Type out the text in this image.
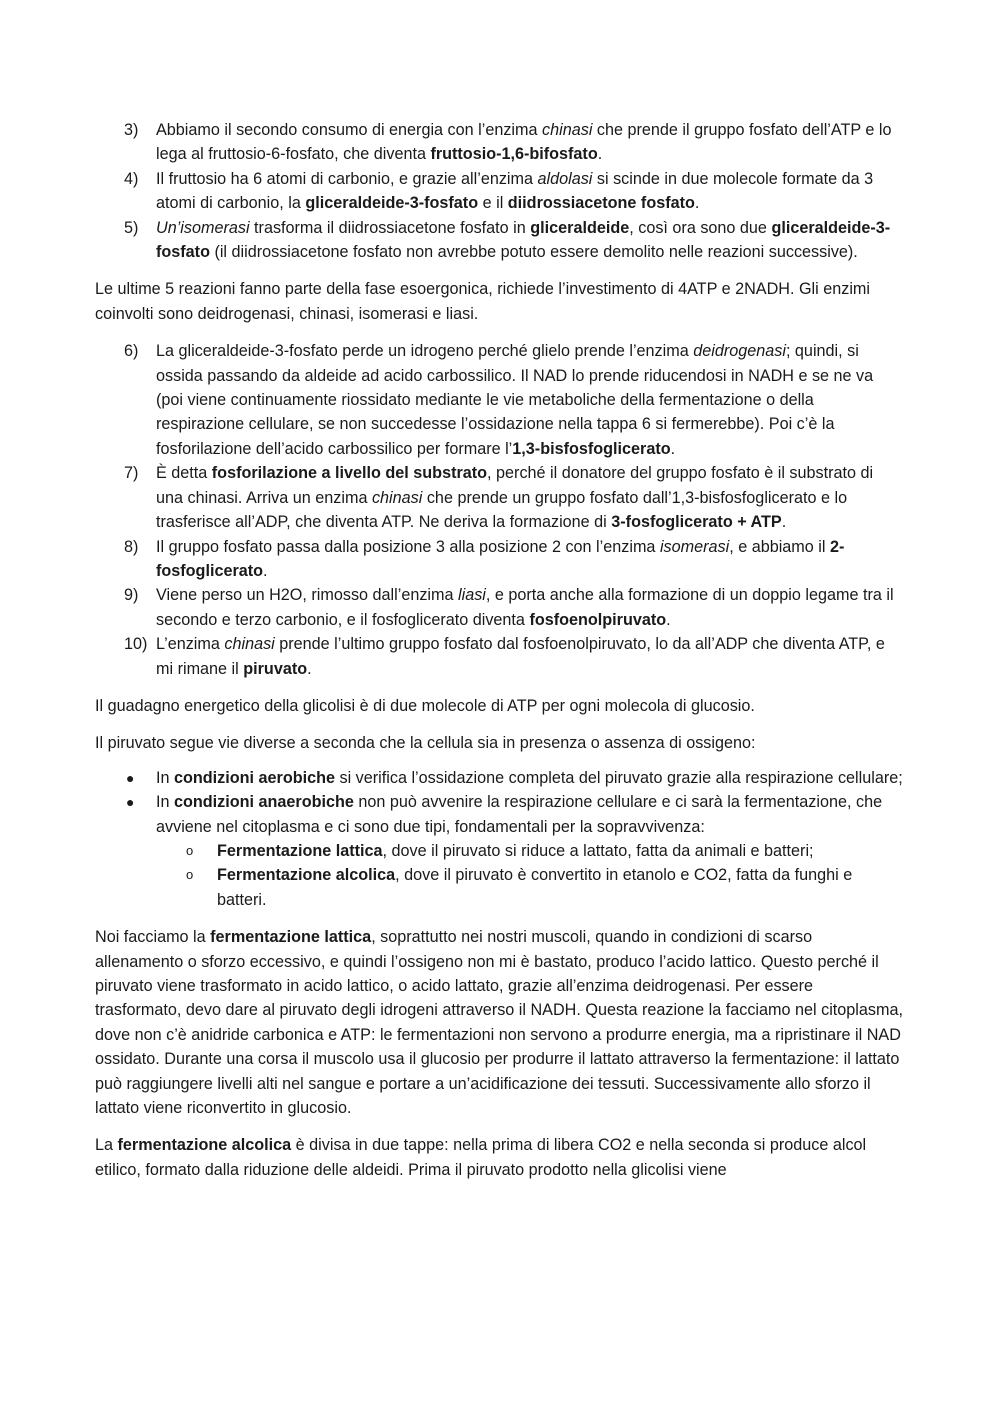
3) Abbiamo il secondo consumo di energia con l’enzima chinasi che prende il gruppo fosfato dell’ATP e lo lega al fruttosio-6-fosfato, che diventa fruttosio-1,6-bifosfato.
4) Il fruttosio ha 6 atomi di carbonio, e grazie all’enzima aldolasi si scinde in due molecole formate da 3 atomi di carbonio, la gliceraldeide-3-fosfato e il diidrossiacetone fosfato.
5) Un’isomerasi trasforma il diidrossiacetone fosfato in gliceraldeide, così ora sono due gliceraldeide-3-fosfato (il diidrossiacetone fosfato non avrebbe potuto essere demolito nelle reazioni successive).

Le ultime 5 reazioni fanno parte della fase esoergonica, richiede l’investimento di 4ATP e 2NADH. Gli enzimi coinvolti sono deidrogenasi, chinasi, isomerasi e liasi.

6) La gliceraldeide-3-fosfato perde un idrogeno perché glielo prende l’enzima deidrogenasi; quindi, si ossida passando da aldeide ad acido carbossilico. Il NAD lo prende riducendosi in NADH e se ne va (poi viene continuamente riossidato mediante le vie metaboliche della fermentazione o della respirazione cellulare, se non succedesse l’ossidazione nella tappa 6 si fermerebbe). Poi c’è la fosforilazione dell’acido carbossilico per formare l’1,3-bisfosfoglicerato.
7) È detta fosforilazione a livello del substrato, perché il donatore del gruppo fosfato è il substrato di una chinasi. Arriva un enzima chinasi che prende un gruppo fosfato dall’1,3-bisfosfoglicerato e lo trasferisce all’ADP, che diventa ATP. Ne deriva la formazione di 3-fosfoglicerato + ATP.
8) Il gruppo fosfato passa dalla posizione 3 alla posizione 2 con l’enzima isomerasi, e abbiamo il 2-fosfoglicerato.
9) Viene perso un H2O, rimosso dall’enzima liasi, e porta anche alla formazione di un doppio legame tra il secondo e terzo carbonio, e il fosfoglicerato diventa fosfoenolpiruvato.
10) L’enzima chinasi prende l’ultimo gruppo fosfato dal fosfoenolpiruvato, lo da all’ADP che diventa ATP, e mi rimane il piruvato.

Il guadagno energetico della glicolisi è di due molecole di ATP per ogni molecola di glucosio.

Il piruvato segue vie diverse a seconda che la cellula sia in presenza o assenza di ossigeno:

● In condizioni aerobiche si verifica l’ossidazione completa del piruvato grazie alla respirazione cellulare;
● In condizioni anaerobiche non può avvenire la respirazione cellulare e ci sarà la fermentazione, che avviene nel citoplasma e ci sono due tipi, fondamentali per la sopravvivenza:
o Fermentazione lattica, dove il piruvato si riduce a lattato, fatta da animali e batteri;
o Fermentazione alcolica, dove il piruvato è convertito in etanolo e CO2, fatta da funghi e batteri.

Noi facciamo la fermentazione lattica, soprattutto nei nostri muscoli, quando in condizioni di scarso allenamento o sforzo eccessivo, e quindi l’ossigeno non mi è bastato, produco l’acido lattico. Questo perché il piruvato viene trasformato in acido lattico, o acido lattato, grazie all’enzima deidrogenasi. Per essere trasformato, devo dare al piruvato degli idrogeni attraverso il NADH. Questa reazione la facciamo nel citoplasma, dove non c’è anidride carbonica e ATP: le fermentazioni non servono a produrre energia, ma a ripristinare il NAD ossidato. Durante una corsa il muscolo usa il glucosio per produrre il lattato attraverso la fermentazione: il lattato può raggiungere livelli alti nel sangue e portare a un’acidificazione dei tessuti. Successivamente allo sforzo il lattato viene riconvertito in glucosio.

La fermentazione alcolica è divisa in due tappe: nella prima di libera CO2 e nella seconda si produce alcol etilico, formato dalla riduzione delle aldeidi. Prima il piruvato prodotto nella glicolisi viene
